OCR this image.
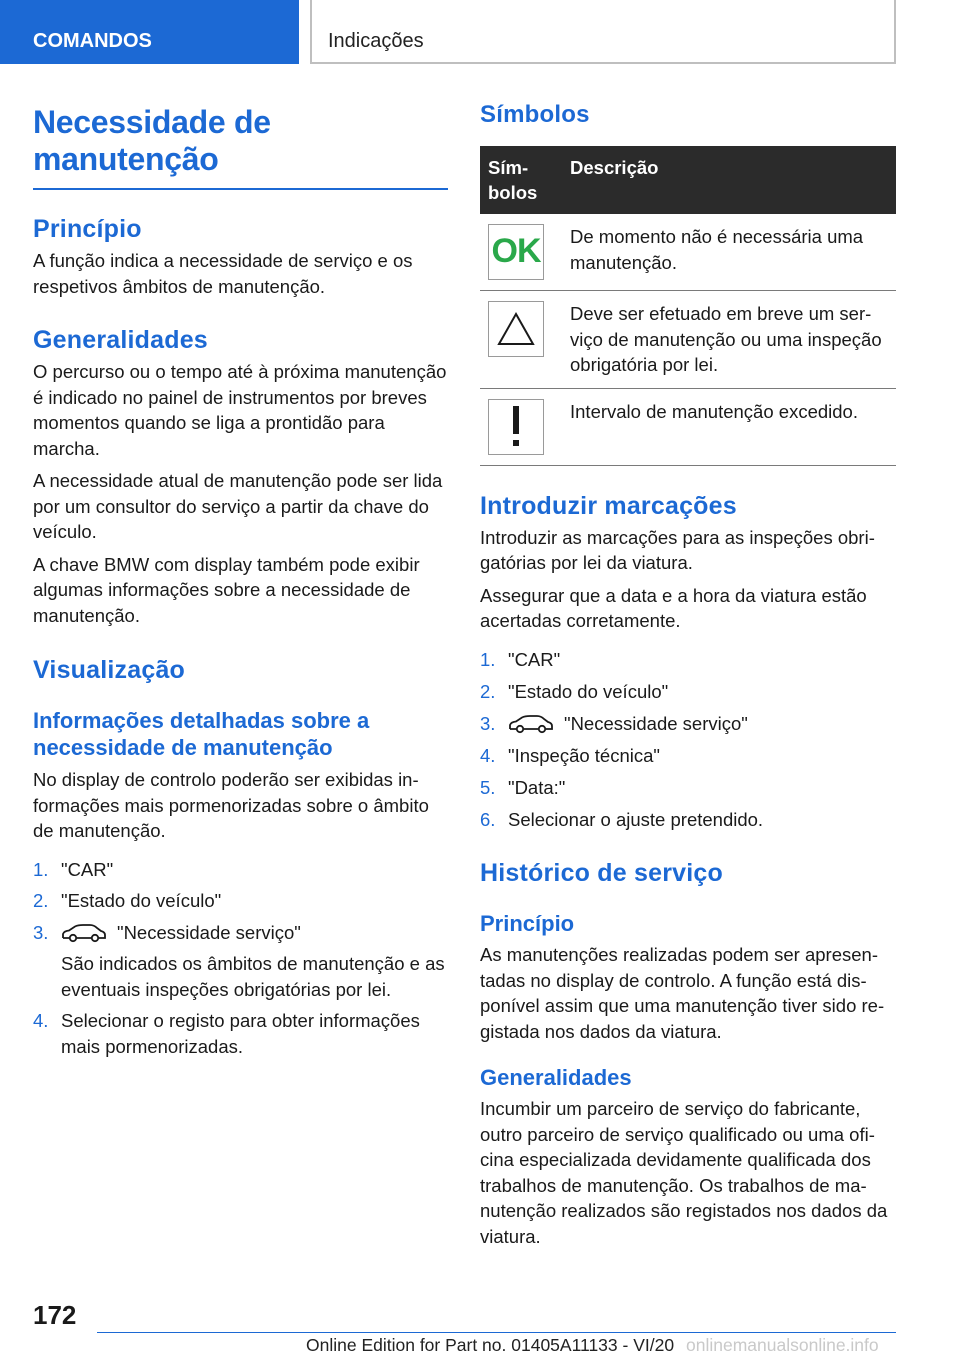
COMANDOS	Indicações
Necessidade de
manutenção
Princípio

A função indica a necessidade de serviço e os respetivos âmbitos de manutenção.

Generalidades

O percurso ou o tempo até à próxima manutenção é indicado no painel de instrumentos por breves momentos quando se liga a prontidão para marcha.

A necessidade atual de manutenção pode ser lida por um consultor do serviço a partir da chave do veículo.

A chave BMW com display também pode exibir algumas informações sobre a necessidade de manutenção.

Visualização
Informações detalhadas sobre a necessidade de manutenção

No display de controlo poderão ser exibidas informações mais pormenorizadas sobre o âmbito de manutenção.

1. "CAR"
2. "Estado do veículo"
3.	"Necessidade serviço"
São indicados os âmbitos de manutenção e as eventuais inspeções obrigatórias por lei.
4. Selecionar o registo para obter informações mais pormenorizadas.
Símbolos
Símbolos	Descrição

OK	De momento não é necessária uma manutenção.

	Deve ser efetuado em breve um serviço de manutenção ou uma inspeção obrigatória por lei.

	Intervalo de manutenção excedido.
Introduzir marcações

Introduzir as marcações para as inspeções obrigatórias por lei da viatura.

Assegurar que a data e a hora da viatura estão acertadas corretamente.

1. "CAR"
2. "Estado do veículo"
3.	"Necessidade serviço"
4. "Inspeção técnica"
5. "Data:"
6. Selecionar o ajuste pretendido.
Histórico de serviço
Princípio

As manutenções realizadas podem ser apresentadas no display de controlo. A função está disponível assim que uma manutenção tiver sido registada nos dados da viatura.

Generalidades

Incumbir um parceiro de serviço do fabricante, outro parceiro de serviço qualificado ou uma oficina especializada devidamente qualificada dos trabalhos de manutenção. Os trabalhos de manutenção realizados são registados nos dados da viatura.

172
Online Edition for Part no. 01405A11133 - VI/20 onlinemanualsonline.info
